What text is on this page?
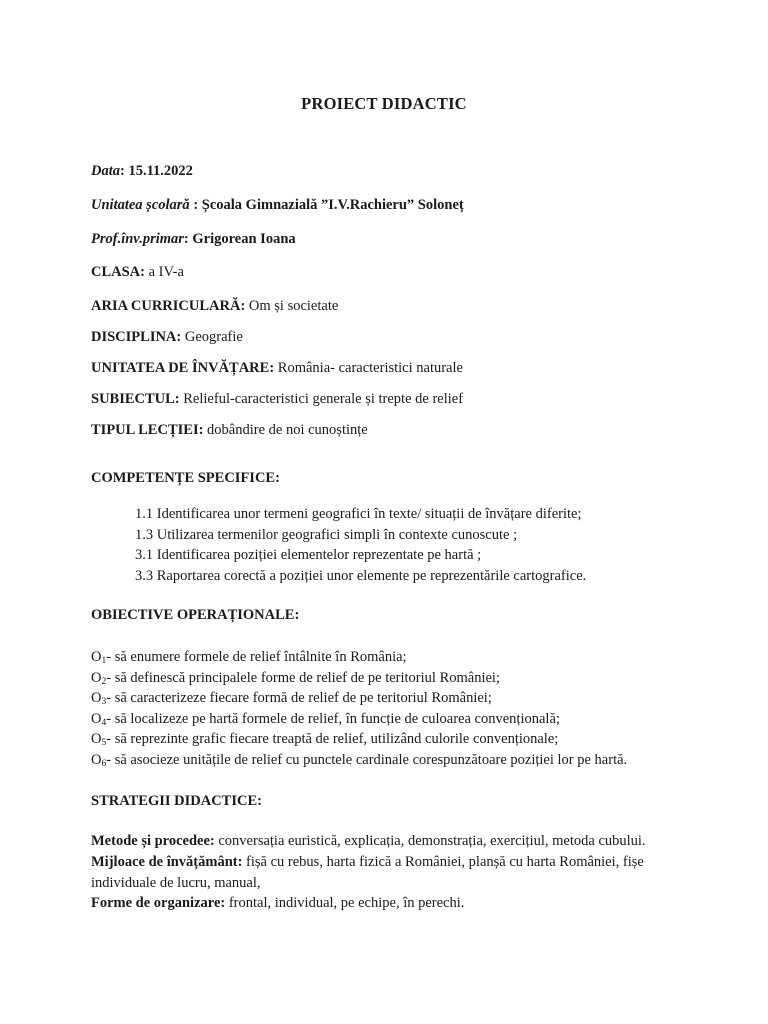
PROIECT DIDACTIC
Data: 15.11.2022
Unitatea școlară : Școala Gimnazială ”I.V.Rachieru” Soloneț
Prof.înv.primar: Grigorean Ioana
CLASA: a IV-a
ARIA CURRICULARĂ: Om și societate
DISCIPLINA: Geografie
UNITATEA DE ÎNVĂȚARE: România- caracteristici naturale
SUBIECTUL: Relieful-caracteristici generale și trepte de relief
TIPUL LECȚIEI: dobândire de noi cunoștințe
COMPETENȚE SPECIFICE:
1.1 Identificarea unor termeni geografici în texte/ situații de învățare diferite;
1.3 Utilizarea termenilor geografici simpli în contexte cunoscute ;
3.1 Identificarea poziției elementelor reprezentate pe hartă ;
3.3 Raportarea corectă a poziției unor elemente pe reprezentările cartografice.
OBIECTIVE OPERAȚIONALE:
$O_1-$ să enumere formele de relief întâlnite în România;
$O_2-$ să definescă principalele forme de relief de pe teritoriul României;
$O_3-$ să caracterizeze fiecare formă de relief de pe teritoriul României;
$O_4-$ să localizeze pe hartă formele de relief, în funcție de culoarea convențională;
$O_5-$ să reprezinte grafic fiecare treaptă de relief, utilizând culorile convenționale;
$O_6-$ să asocieze unitățile de relief cu punctele cardinale corespunzătoare poziției lor pe hartă.
STRATEGII DIDACTICE:
Metode și procedee: conversația euristică, explicația, demonstrația, exercițiul, metoda cubului.
Mijloace de învățământ: fișă cu rebus, harta fizică a României, planșă cu harta României, fișe
individuale de lucru, manual,
Forme de organizare: frontal, individual, pe echipe, în perechi.
